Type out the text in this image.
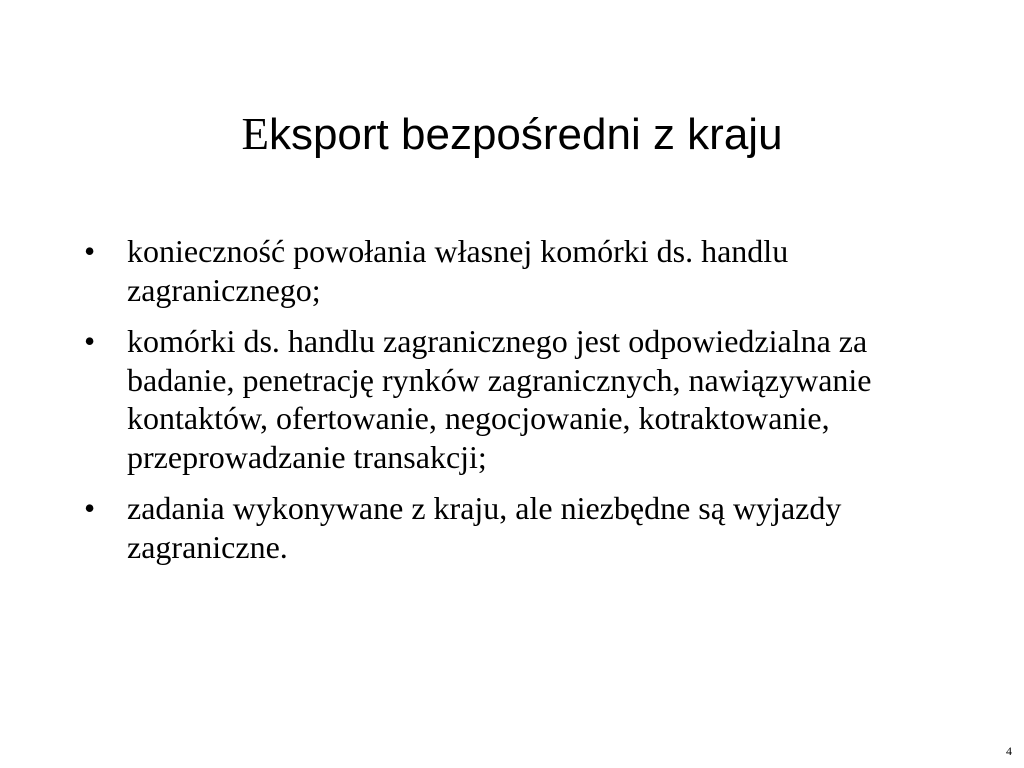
Eksport bezpośredni z kraju
• konieczność powołania własnej komórki ds. handlu zagranicznego;
• komórki ds. handlu zagranicznego jest odpowiedzialna za badanie, penetrację rynków zagranicznych, nawiązywanie kontaktów, ofertowanie, negocjowanie, kotraktowanie, przeprowadzanie transakcji;
• zadania wykonywane z kraju, ale niezbędne są wyjazdy zagraniczne.
4
